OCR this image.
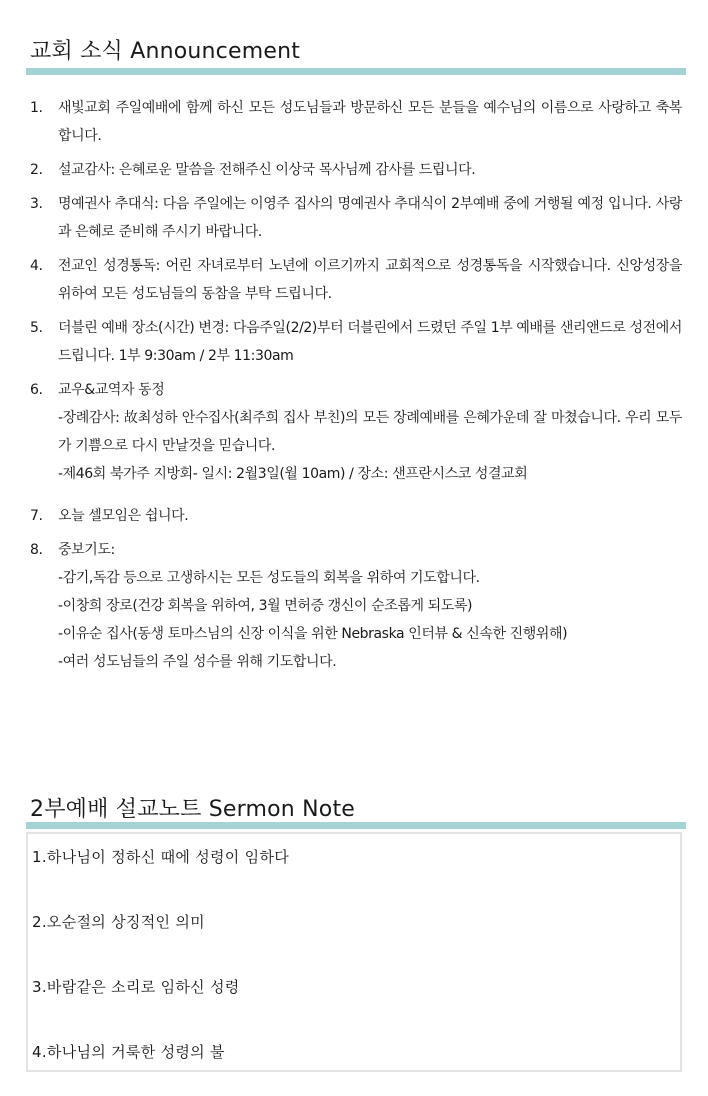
교회 소식 Announcement
1.	새빛교회 주일예배에 함께 하신 모든 성도님들과 방문하신 모든 분들을 예수님의 이름으로 사랑하고 축복합니다.
2.	설교감사: 은혜로운 말씀을 전해주신 이상국 목사님께 감사를 드립니다.
3.	명예권사 추대식: 다음 주일에는 이영주 집사의 명예권사 추대식이 2부예배 중에 거행될 예정 입니다. 사랑과 은혜로 준비해 주시기 바랍니다.
4.	전교인 성경통독: 어린 자녀로부터 노년에 이르기까지 교회적으로 성경통독을 시작했습니다. 신앙성장을 위하여 모든 성도님들의 동참을 부탁 드립니다.
5.	더블린 예배 장소(시간) 변경: 다음주일(2/2)부터 더블린에서 드렸던 주일 1부 예배를 샌리앤드로 성전에서 드립니다. 1부 9:30am / 2부 11:30am
6.	교우&교역자 동정
-장례감사: 故최성하 안수집사(최주희 집사 부친)의 모든 장례예배를 은혜가운데 잘 마쳤습니다. 우리 모두가 기쁨으로 다시 만날것을 믿습니다.
-제46회 북가주 지방회- 일시: 2월3일(월 10am) / 장소: 샌프란시스코 성결교회
7.	오늘 셀모임은 쉽니다.
8.	중보기도:
-감기,독감 등으로 고생하시는 모든 성도들의 회복을 위하여 기도합니다.
-이창희 장로(건강 회복을 위하여, 3월 면허증 갱신이 순조롭게 되도록)
-이유순 집사(동생 토마스님의 신장 이식을 위한 Nebraska 인터뷰 & 신속한 진행위해)
-여러 성도님들의 주일 성수를 위해 기도합니다.
2부예배 설교노트 Sermon Note
1.하나님이 정하신 때에 성령이 임하다
2.오순절의 상징적인 의미
3.바람같은 소리로 임하신 성령
4.하나님의 거룩한 성령의 불
